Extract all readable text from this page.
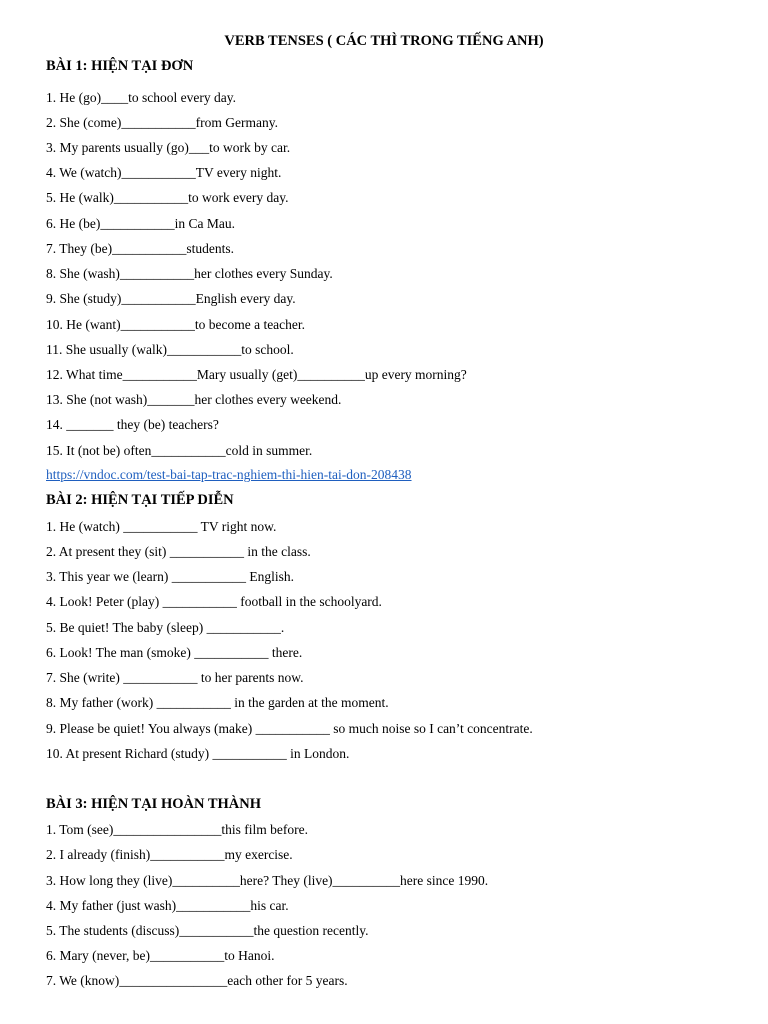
VERB TENSES ( CÁC THÌ TRONG TIẾNG ANH)
BÀI 1: HIỆN TẠI ĐƠN
1. He (go)____to school every day.
2. She (come)___________from Germany.
3. My parents usually (go)___to work by car.
4. We (watch)___________TV every night.
5. He (walk)___________to work every day.
6. He (be)___________in Ca Mau.
7. They (be)___________students.
8. She (wash)___________her clothes every Sunday.
9. She (study)___________English every day.
10. He (want)___________to become a teacher.
11. She usually (walk)___________to school.
12. What time___________Mary usually (get)__________up every morning?
13. She (not wash)_______her clothes every weekend.
14. _______ they (be) teachers?
15. It (not be) often___________cold in summer.
https://vndoc.com/test-bai-tap-trac-nghiem-thi-hien-tai-don-208438
BÀI 2: HIỆN TẠI TIẾP DIỄN
1. He (watch) ___________ TV right now.
2. At present they (sit) ___________ in the class.
3. This year we (learn) ___________ English.
4. Look! Peter (play) ___________ football in the schoolyard.
5. Be quiet! The baby (sleep) ___________.
6. Look! The man (smoke) ___________ there.
7. She (write) ___________ to her parents now.
8. My father (work) ___________ in the garden at the moment.
9. Please be quiet! You always (make) ___________ so much noise so I can’t concentrate.
10. At present Richard (study) ___________ in London.
BÀI 3: HIỆN TẠI HOÀN THÀNH
1. Tom (see)________________this film before.
2. I already (finish)___________my exercise.
3. How long they (live)__________here? They (live)__________here since 1990.
4. My father (just wash)___________his car.
5. The students (discuss)___________the question recently.
6. Mary (never, be)___________to Hanoi.
7. We (know)________________each other for 5 years.
